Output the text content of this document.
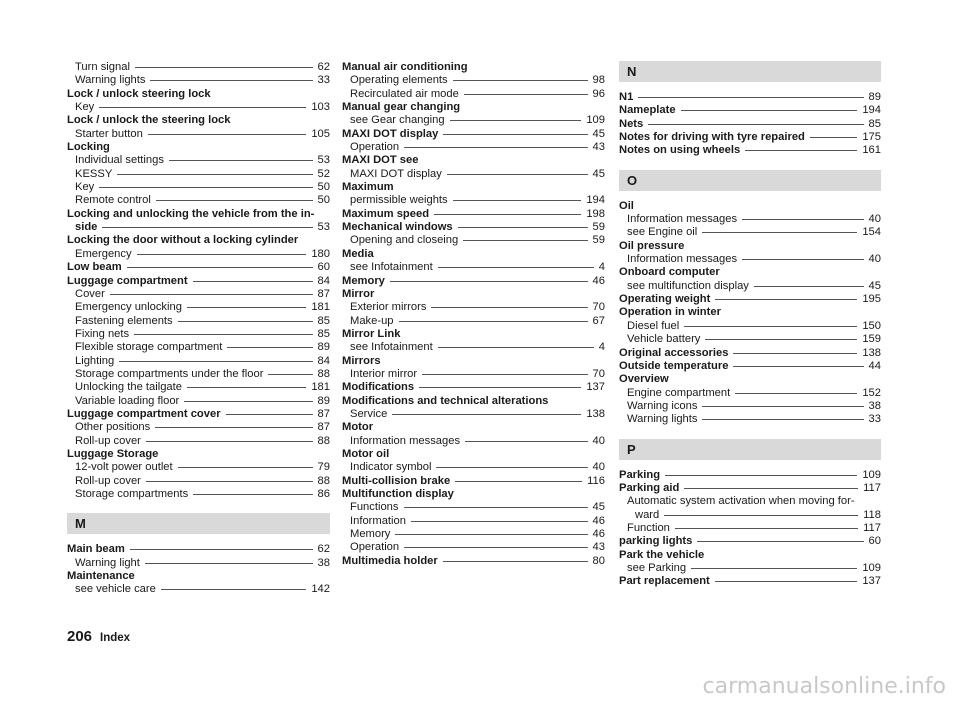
Turn signal	62
Warning lights	33
Lock / unlock steering lock
Key	103
Lock / unlock the steering lock
Starter button	105
Locking
Individual settings	53
KESSY	52
Key	50
Remote control	50
Locking and unlocking the vehicle from the in-
side	53
Locking the door without a locking cylinder
Emergency	180
Low beam	60
Luggage compartment	84
Cover	87
Emergency unlocking	181
Fastening elements	85
Fixing nets	85
Flexible storage compartment	89
Lighting	84
Storage compartments under the floor	88
Unlocking the tailgate	181
Variable loading floor	89
Luggage compartment cover	87
Other positions	87
Roll-up cover	88
Luggage Storage
12-volt power outlet	79
Roll-up cover	88
Storage compartments	86
M
Main beam	62
Warning light	38
Maintenance
see vehicle care	142
Manual air conditioning
Operating elements	98
Recirculated air mode	96
Manual gear changing
see Gear changing	109
MAXI DOT display	45
Operation	43
MAXI DOT see
MAXI DOT display	45
Maximum
permissible weights	194
Maximum speed	198
Mechanical windows	59
Opening and closeing	59
Media
see Infotainment	4
Memory	46
Mirror
Exterior mirrors	70
Make-up	67
Mirror Link
see Infotainment	4
Mirrors
Interior mirror	70
Modifications	137
Modifications and technical alterations
Service	138
Motor
Information messages	40
Motor oil
Indicator symbol	40
Multi-collision brake	116
Multifunction display
Functions	45
Information	46
Memory	46
Operation	43
Multimedia holder	80
N
N1	89
Nameplate	194
Nets	85
Notes for driving with tyre repaired	175
Notes on using wheels	161
O
Oil
Information messages	40
see Engine oil	154
Oil pressure
Information messages	40
Onboard computer
see multifunction display	45
Operating weight	195
Operation in winter
Diesel fuel	150
Vehicle battery	159
Original accessories	138
Outside temperature	44
Overview
Engine compartment	152
Warning icons	38
Warning lights	33
P
Parking	109
Parking aid	117
Automatic system activation when moving for-
ward	118
Function	117
parking lights	60
Park the vehicle
see Parking	109
Part replacement	137
206 Index
carmanualsonline.info
